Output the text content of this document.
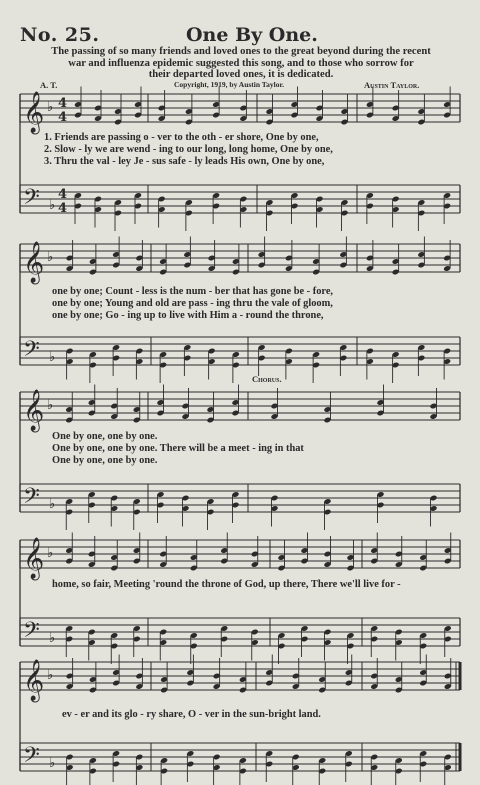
No. 25.	One By One.
The passing of so many friends and loved ones to the great beyond during the recent
war and influenza epidemic suggested this song, and to those who sorrow for
their departed loved ones, it is dedicated.
A. T.	Copyright, 1919, by Austin Taylor.	Austin Taylor.
𝄞 ♭ 4
4
𝄢 ♭
4
4
𝄞 ♭
𝄢 ♭
𝄞 ♭
𝄢 ♭
𝄞 ♭
𝄢 ♭
𝄞 ♭
𝄢 ♭
Chorus.
1. Friends are passing o - ver to the oth - er shore, One by one,
2. Slow - ly we are wend - ing to our long, long home, One by one,
3. Thru the val - ley Je - sus safe - ly leads His own, One by one,
one by one; Count - less is the num - ber that has gone be - fore,
one by one; Young and old are pass - ing thru the vale of gloom,
one by one; Go - ing up to live with Him a - round the throne,
One by one, one by one.
One by one, one by one. There will be a meet - ing in that
One by one, one by one.
home, so fair, Meeting 'round the throne of God, up there, There we'll live for -
ev - er and its glo - ry share, O - ver in the sun-bright land.
